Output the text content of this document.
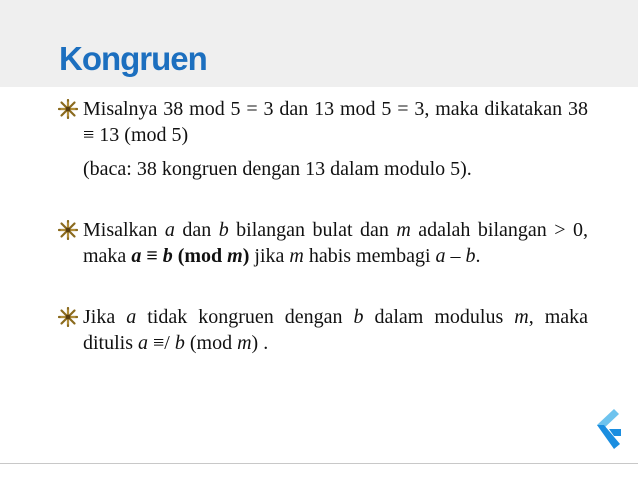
Kongruen

Misalnya 38 mod 5 = 3 dan 13 mod 5 = 3, maka dikatakan 38 ≡ 13 (mod 5)

(baca: 38 kongruen dengan 13 dalam modulo 5).

Misalkan a dan b bilangan bulat dan m adalah bilangan > 0, maka a ≡ b (mod m) jika m habis membagi a – b.

Jika a tidak kongruen dengan b dalam modulus m, maka ditulis a ≡/ b (mod m) .
